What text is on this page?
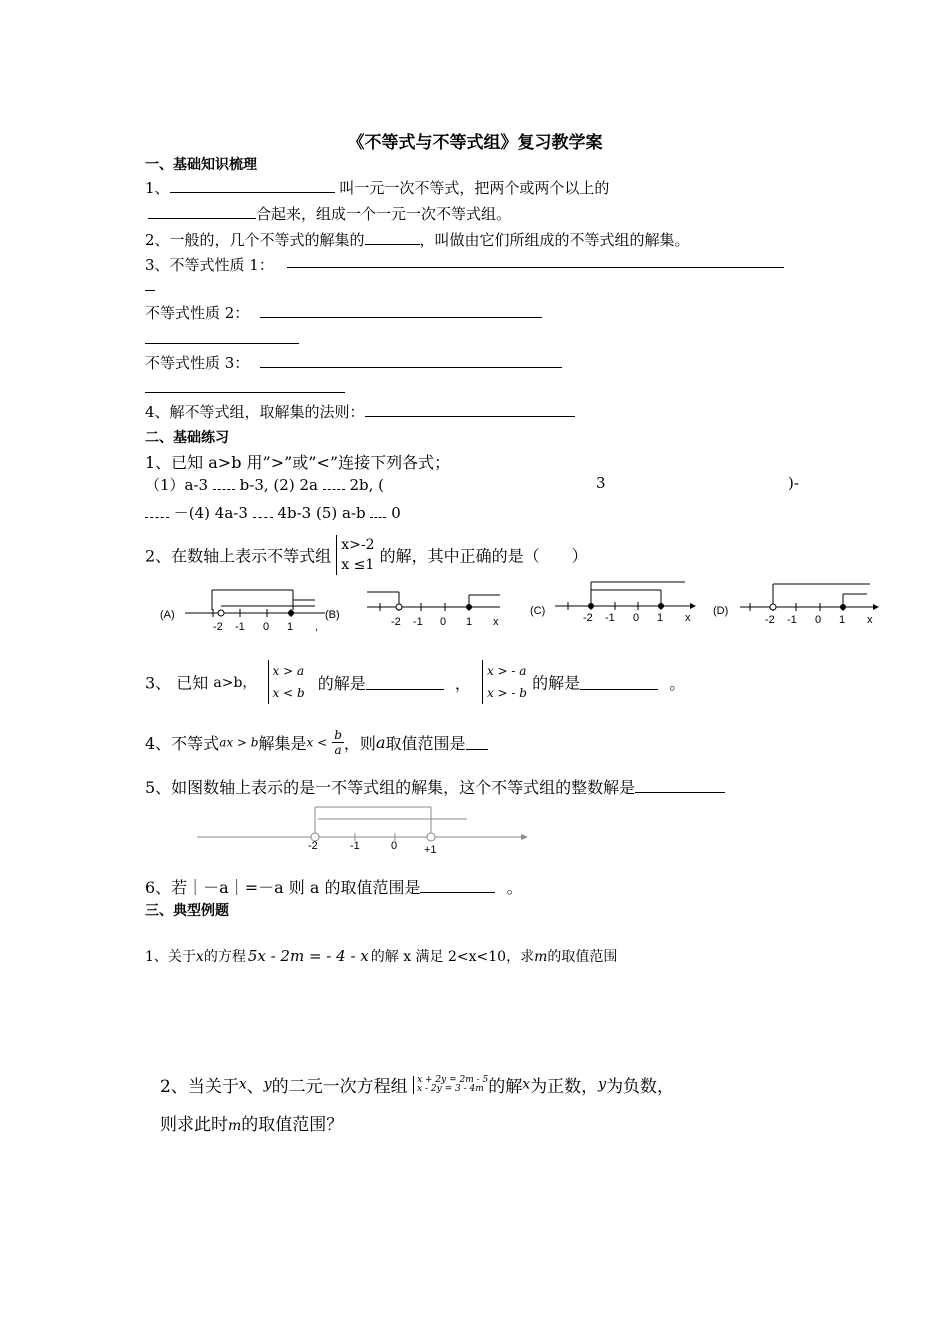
《不等式与不等式组》复习教学案
一、基础知识梳理
1、	叫一元一次不等式，把两个或两个以上的
合起来，组成一个一元一次不等式组。
2、一般的，几个不等式的解集的	，叫做由它们所组成的不等式组的解集。
3、不等式性质 1：
不等式性质 2：
不等式性质 3：
4、解不等式组，取解集的法则：
二、基础练习
1、已知 a>b 用”>”或”<”连接下列各式；
（1）a-3 b-3, (2) 2a 2b, (	3	)-
－(4) 4a-3 4b-3 (5) a-b 0
2、在数轴上表示不等式组
x>-2
x ≤1 的解，其中正确的是（　　）
(A)
-2 -1 0 1 ,
(B)
-2 -1 0 1 x
(C)
-2 -1 0 1 x
(D)
-2 -1 0 1 x
3、 已知 a>b，
x > a
x < b
的解是	，
x > - a
x > - b
的解是	。
4、不等式ax > b解集是$x < \frac{b}{a}$ ，则a取值范围是
5、如图数轴上表示的是一不等式组的解集，这个不等式组的整数解是
-2	-1	0 +1
6、若｜－a｜=－a 则 a 的取值范围是	。
三、典型例题
1、关于x的方程 5x - 2m = - 4 - x 的解 x 满足 2<x<10，求m的取值范围
2、当关于x、y的二元一次方程组 x + 2y = 2m - 5
x - 2y = 3 - 4m 的解x为正数，y为负数，
则求此时m的取值范围？
